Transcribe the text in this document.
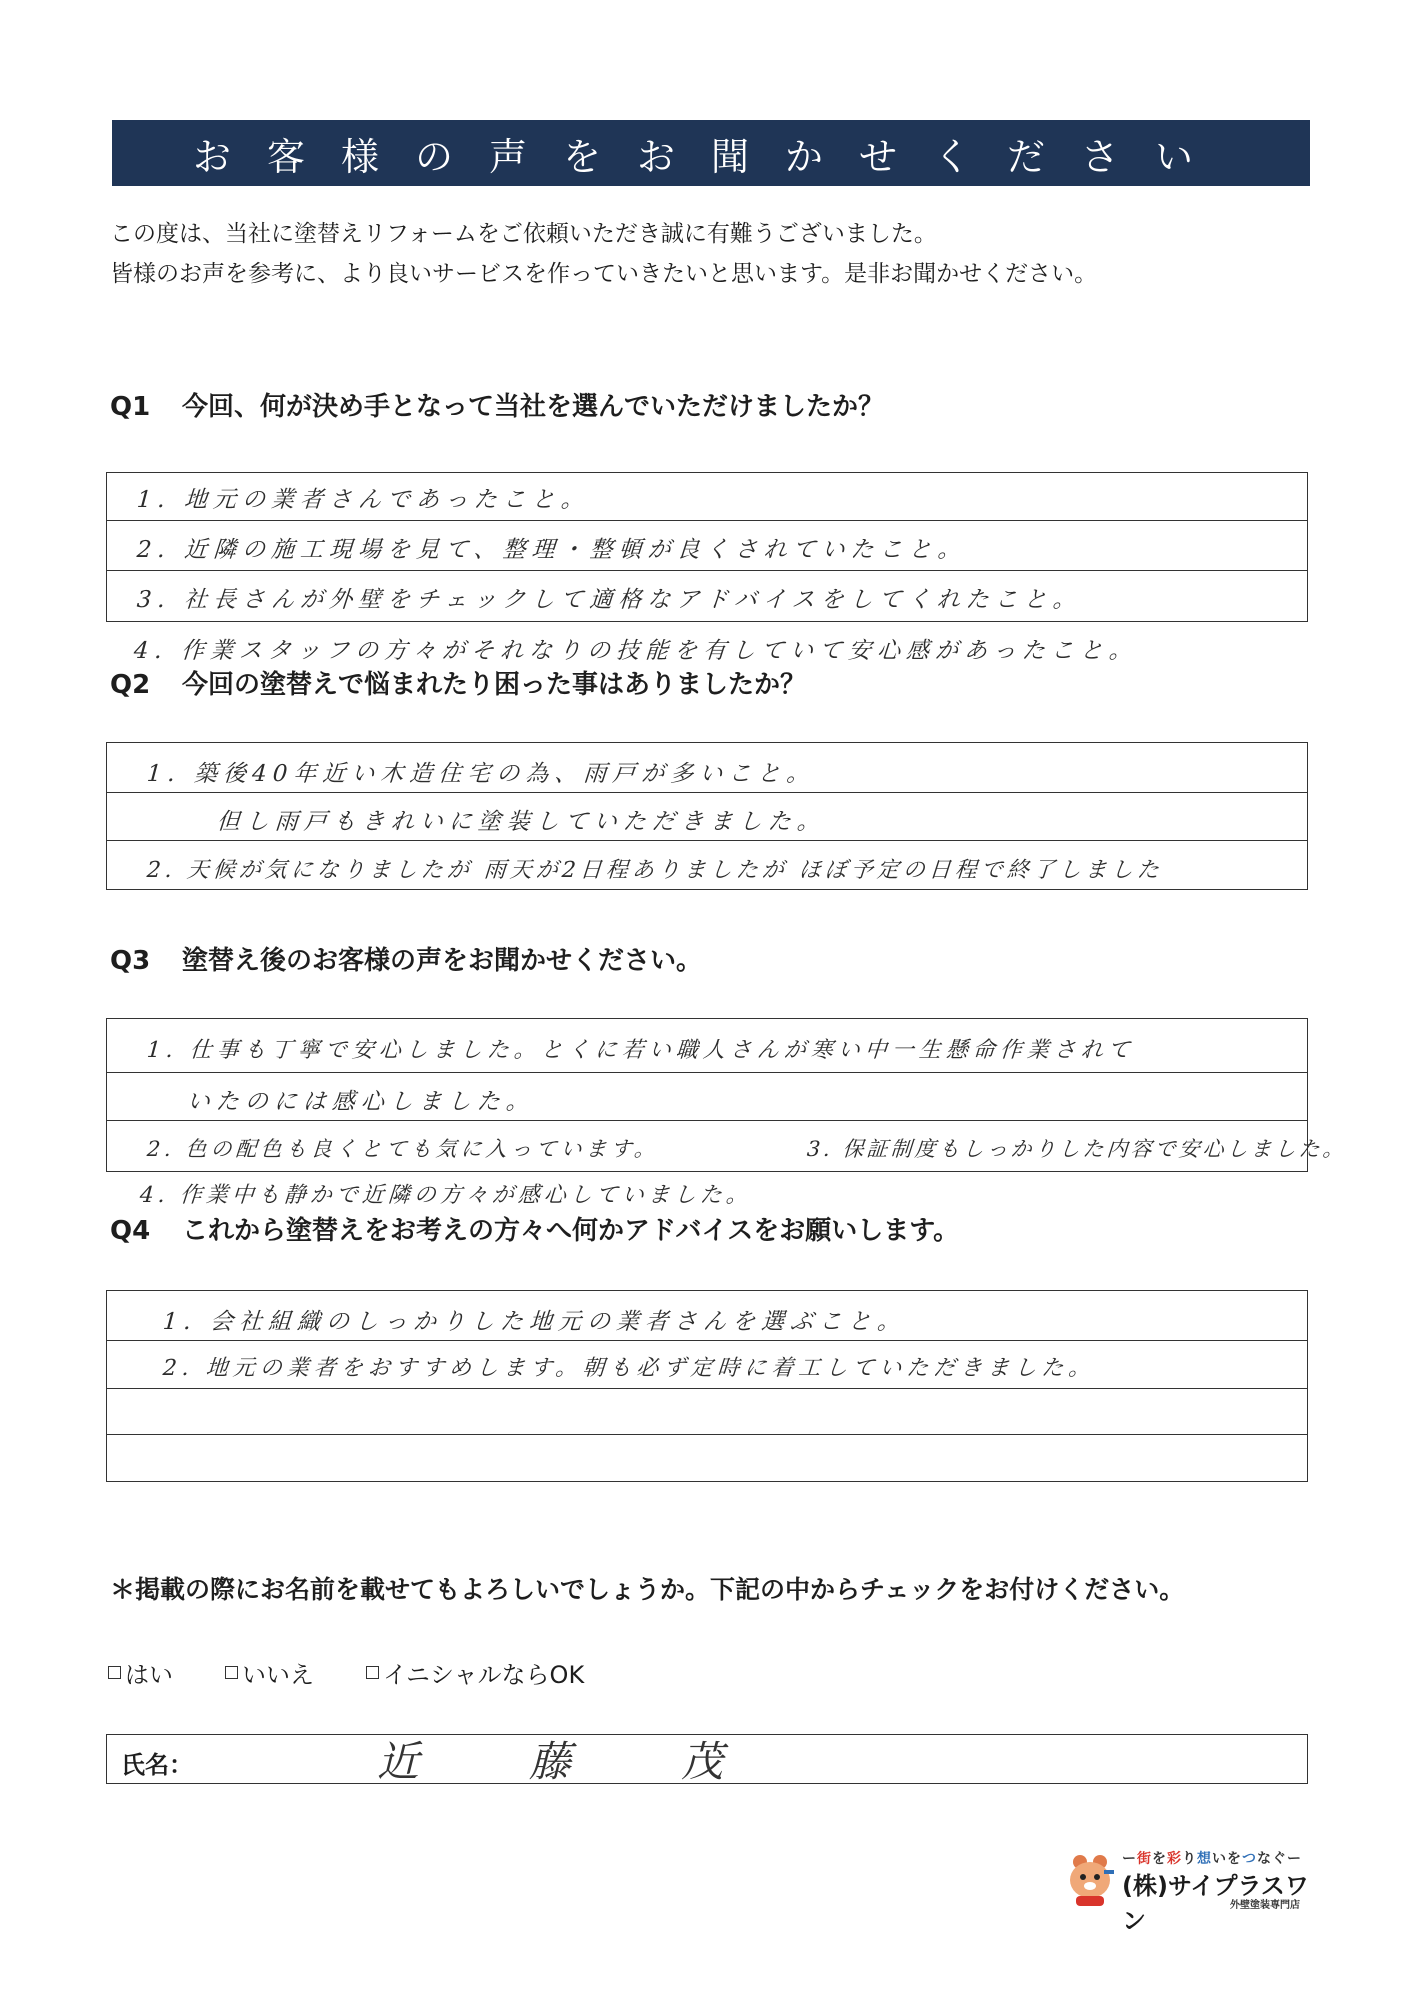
お客様の声をお聞かせください
この度は、当社に塗替えリフォームをご依頼いただき誠に有難うございました。
皆様のお声を参考に、より良いサービスを作っていきたいと思います。是非お聞かせください。
Q1 今回、何が決め手となって当社を選んでいただけましたか？
1. 地元の業者さんであったこと。
2. 近隣の施工現場を見て、整理・整頓が良くされていたこと。
3. 社長さんが外壁をチェックして適格なアドバイスをしてくれたこと。
4. 作業スタッフの方々がそれなりの技能を有していて安心感があったこと。
Q2 今回の塗替えで悩まれたり困った事はありましたか？
1. 築後40年近い木造住宅の為、雨戸が多いこと。
但し雨戸もきれいに塗装していただきました。
2. 天候が気になりましたが 雨天が2日程ありましたが ほぼ予定の日程で終了しました
Q3 塗替え後のお客様の声をお聞かせください。
1. 仕事も丁寧で安心しました。とくに若い職人さんが寒い中一生懸命作業されて
いたのには感心しました。
2. 色の配色も良くとても気に入っています。	3. 保証制度もしっかりした内容で安心しました。
4. 作業中も静かで近隣の方々が感心していました。
Q4 これから塗替えをお考えの方々へ何かアドバイスをお願いします。
1. 会社組織のしっかりした地元の業者さんを選ぶこと。
2. 地元の業者をおすすめします。朝も必ず定時に着工していただきました。
＊掲載の際にお名前を載せてもよろしいでしょうか。下記の中からチェックをお付けください。
はい	いいえ	イニシャルならOK
氏名：	近藤茂
ー街を彩り想いをつなぐー
(株)サイプラスワン
外壁塗装専門店
